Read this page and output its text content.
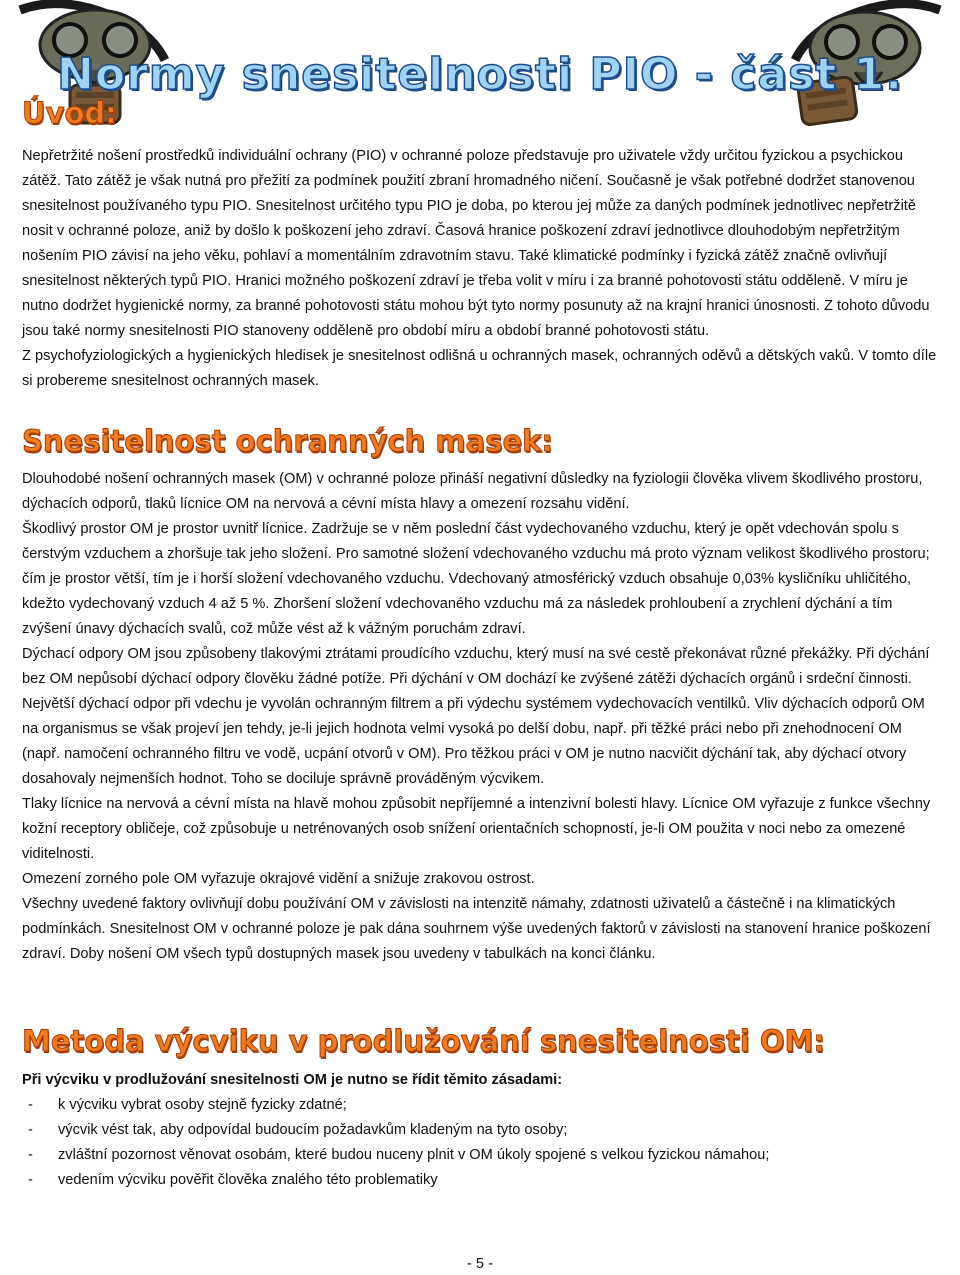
Normy snesitelnosti PIO - část 1.
Úvod:

Nepřetržité nošení prostředků individuální ochrany (PIO) v ochranné poloze představuje pro uživatele vždy určitou fyzickou a psychickou zátěž. Tato zátěž je však nutná pro přežití za podmínek použití zbraní hromadného ničení. Současně je však potřebné dodržet stanovenou snesitelnost používaného typu PIO. Snesitelnost určitého typu PIO je doba, po kterou jej může za daných podmínek jednotlivec nepřetržitě nosit v ochranné poloze, aniž by došlo k poškození jeho zdraví. Časová hranice poškození zdraví jednotlivce dlouhodobým nepřetržitým nošením PIO závisí na jeho věku, pohlaví a momentálním zdravotním stavu. Také klimatické podmínky i fyzická zátěž značně ovlivňují snesitelnost některých typů PIO. Hranici možného poškození zdraví je třeba volit v míru i za branné pohotovosti státu odděleně. V míru je nutno dodržet hygienické normy, za branné pohotovosti státu mohou být tyto normy posunuty až na krajní hranici únosnosti. Z tohoto důvodu jsou také normy snesitelnosti PIO stanoveny odděleně pro období míru a období branné pohotovosti státu.

Z psychofyziologických a hygienických hledisek je snesitelnost odlišná u ochranných masek, ochranných oděvů a dětských vaků. V tomto díle si probereme snesitelnost ochranných masek.

Snesitelnost ochranných masek:

Dlouhodobé nošení ochranných masek (OM) v ochranné poloze přináší negativní důsledky na fyziologii člověka vlivem škodlivého prostoru, dýchacích odporů, tlaků lícnice OM na nervová a cévní místa hlavy a omezení rozsahu vidění.

Škodlivý prostor OM je prostor uvnitř lícnice. Zadržuje se v něm poslední část vydechovaného vzduchu, který je opět vdechován spolu s čerstvým vzduchem a zhoršuje tak jeho složení. Pro samotné složení vdechovaného vzduchu má proto význam velikost škodlivého prostoru; čím je prostor větší, tím je i horší složení vdechovaného vzduchu. Vdechovaný atmosférický vzduch obsahuje 0,03% kysličníku uhličitého, kdežto vydechovaný vzduch 4 až 5 %. Zhoršení složení vdechovaného vzduchu má za následek prohloubení a zrychlení dýchání a tím zvýšení únavy dýchacích svalů, což může vést až k vážným poruchám zdraví.

Dýchací odpory OM jsou způsobeny tlakovými ztrátami proudícího vzduchu, který musí na své cestě překonávat různé překážky. Při dýchání bez OM nepůsobí dýchací odpory člověku žádné potíže. Při dýchání v OM dochází ke zvýšené zátěži dýchacích orgánů i srdeční činnosti. Největší dýchací odpor při vdechu je vyvolán ochranným filtrem a při výdechu systémem vydechovacích ventilků. Vliv dýchacích odporů OM na organismus se však projeví jen tehdy, je-li jejich hodnota velmi vysoká po delší dobu, např. při těžké práci nebo při znehodnocení OM (např. namočení ochranného filtru ve vodě, ucpání otvorů v OM). Pro těžkou práci v OM je nutno nacvičit dýchání tak, aby dýchací otvory dosahovaly nejmenších hodnot. Toho se dociluje správně prováděným výcvikem.

Tlaky lícnice na nervová a cévní místa na hlavě mohou způsobit nepříjemné a intenzivní bolesti hlavy. Lícnice OM vyřazuje z funkce všechny kožní receptory obličeje, což způsobuje u netrénovaných osob snížení orientačních schopností, je-li OM použita v noci nebo za omezené viditelnosti.

Omezení zorného pole OM vyřazuje okrajové vidění a snižuje zrakovou ostrost.

Všechny uvedené faktory ovlivňují dobu používání OM v závislosti na intenzitě námahy, zdatnosti uživatelů a částečně i na klimatických podmínkách. Snesitelnost OM v ochranné poloze je pak dána souhrnem výše uvedených faktorů v závislosti na stanovení hranice poškození zdraví. Doby nošení OM všech typů dostupných masek jsou uvedeny v tabulkách na konci článku.

Metoda výcviku v prodlužování snesitelnosti OM:

Při výcviku v prodlužování snesitelnosti OM je nutno se řídit těmito zásadami:

-	k výcviku vybrat osoby stejně fyzicky zdatné;
-	výcvik vést tak, aby odpovídal budoucím požadavkům kladeným na tyto osoby;
-	zvláštní pozornost věnovat osobám, které budou nuceny plnit v OM úkoly spojené s velkou fyzickou námahou;
-	vedením výcviku pověřit člověka znalého této problematiky
- 5 -
